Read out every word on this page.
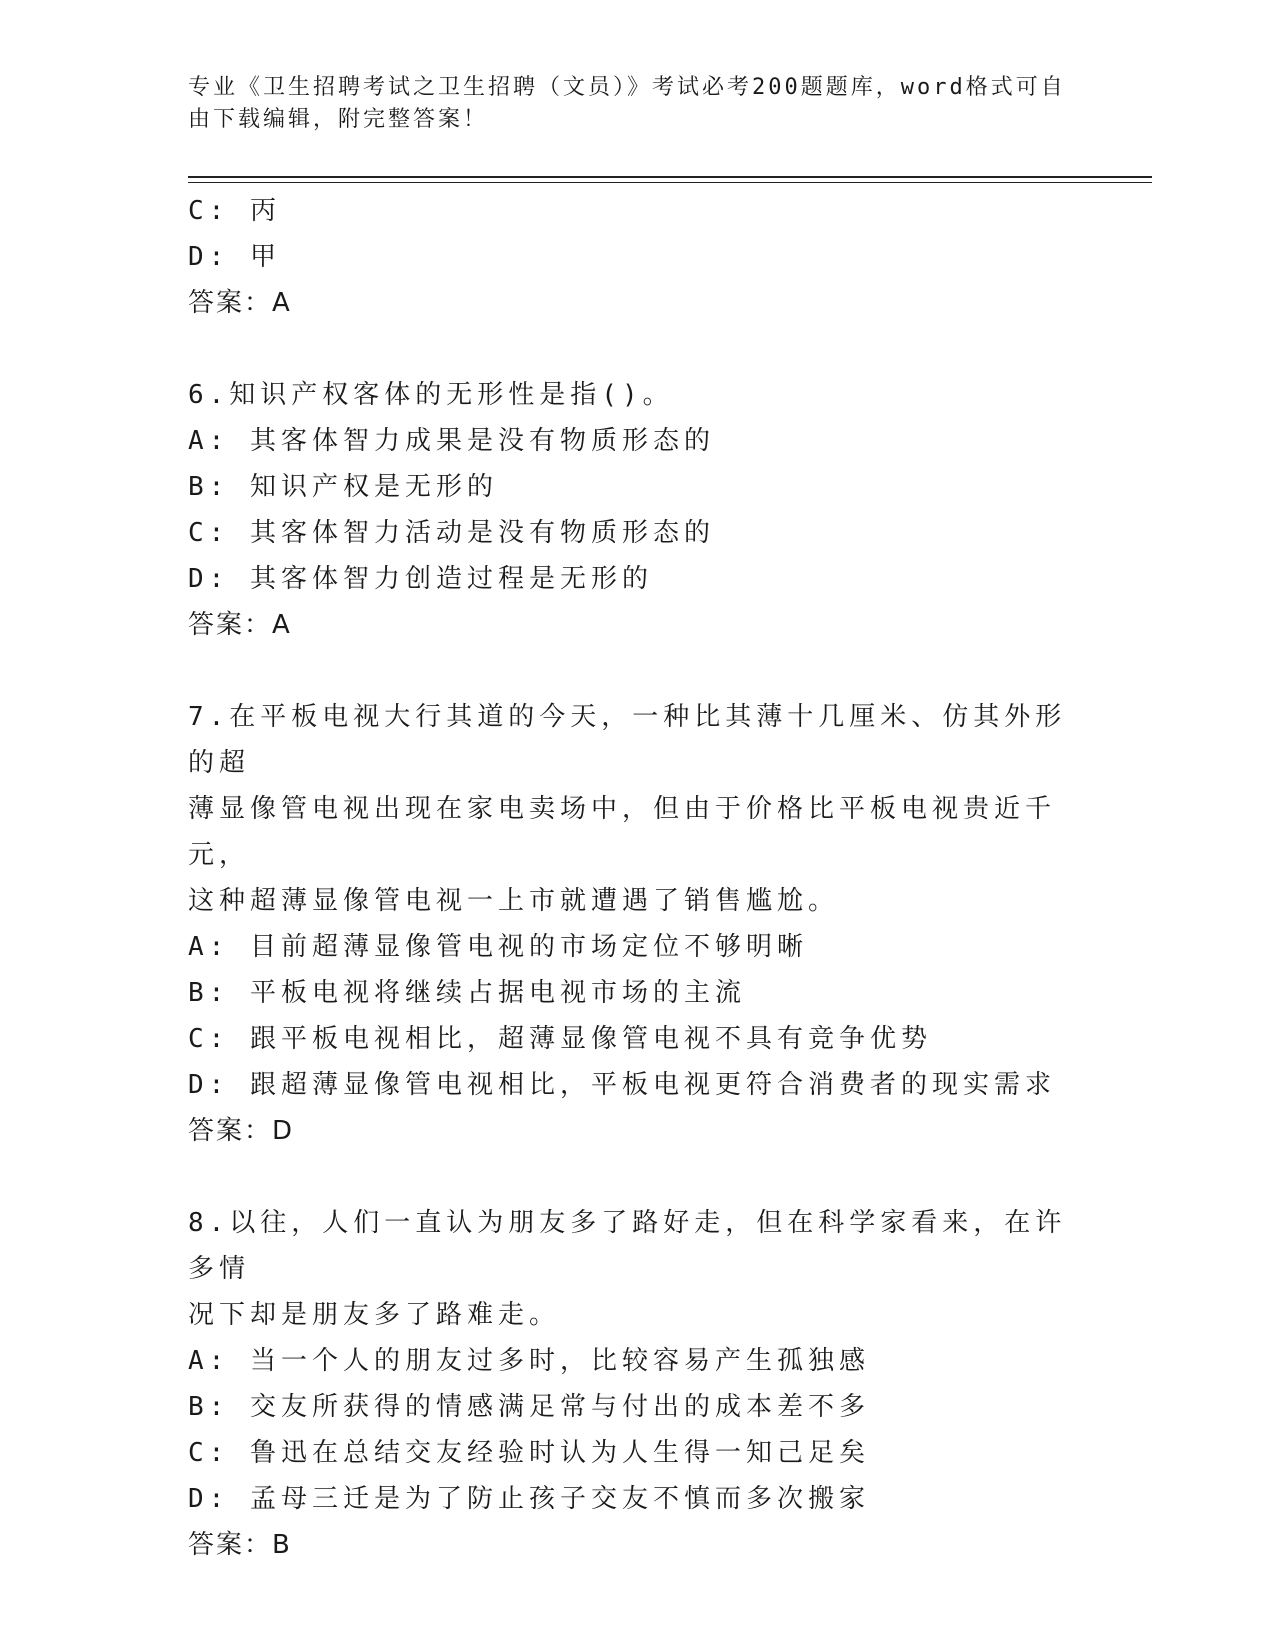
专业《卫生招聘考试之卫生招聘（文员）》考试必考200题题库，word格式可自
由下载编辑，附完整答案！
C: 丙
D: 甲
答案：A
6.知识产权客体的无形性是指()。
A: 其客体智力成果是没有物质形态的
B: 知识产权是无形的
C: 其客体智力活动是没有物质形态的
D: 其客体智力创造过程是无形的
答案：A
7.在平板电视大行其道的今天，一种比其薄十几厘米、仿其外形的超
薄显像管电视出现在家电卖场中，但由于价格比平板电视贵近千元，
这种超薄显像管电视一上市就遭遇了销售尴尬。
A: 目前超薄显像管电视的市场定位不够明晰
B: 平板电视将继续占据电视市场的主流
C: 跟平板电视相比，超薄显像管电视不具有竞争优势
D: 跟超薄显像管电视相比，平板电视更符合消费者的现实需求
答案：D
8.以往，人们一直认为朋友多了路好走，但在科学家看来，在许多情
况下却是朋友多了路难走。
A: 当一个人的朋友过多时，比较容易产生孤独感
B: 交友所获得的情感满足常与付出的成本差不多
C: 鲁迅在总结交友经验时认为人生得一知己足矣
D: 孟母三迁是为了防止孩子交友不慎而多次搬家
答案：B
